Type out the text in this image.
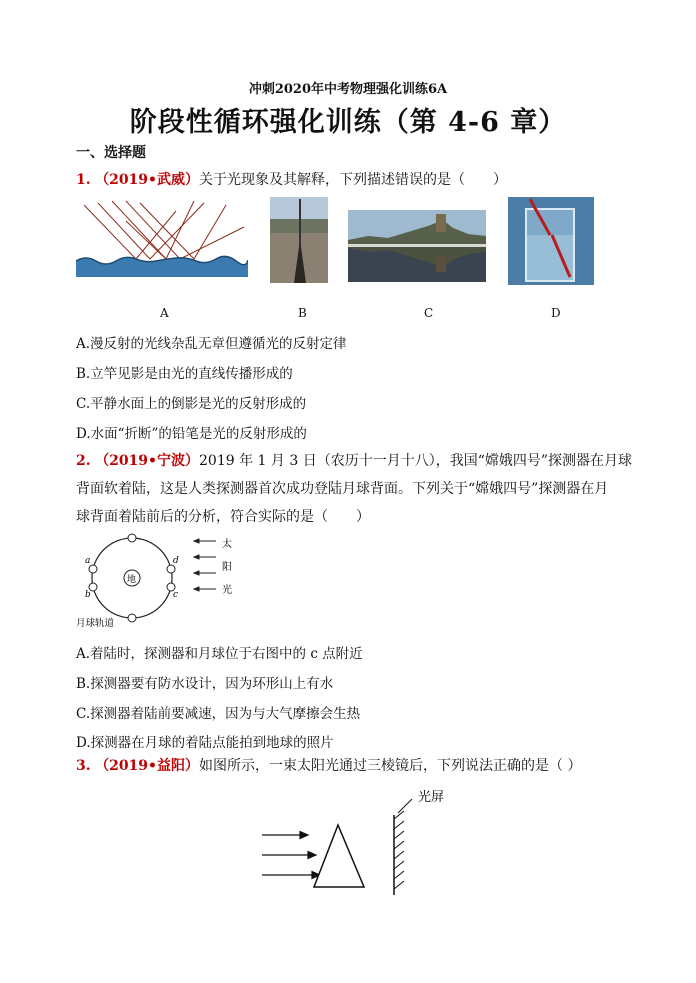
冲刺2020年中考物理强化训练6A
阶段性循环强化训练（第 4-6 章）
一、选择题
1. （2019•武威）关于光现象及其解释，下列描述错误的是（　　）
A	B	C	D
A.漫反射的光线杂乱无章但遵循光的反射定律
B.立竿见影是由光的直线传播形成的
C.平静水面上的倒影是光的反射形成的
D.水面“折断”的铅笔是光的反射形成的
2. （2019•宁波）2019 年 1 月 3 日（农历十一月十八），我国“嫦娥四号”探测器在月球
背面软着陆，这是人类探测器首次成功登陆月球背面。下列关于“嫦娥四号”探测器在月
球背面着陆前后的分析，符合实际的是（　　）
地
a
b	c
d
太
阳
光
月球轨道
A.着陆时，探测器和月球位于右图中的 c 点附近
B.探测器要有防水设计，因为环形山上有水
C.探测器着陆前要减速，因为与大气摩擦会生热
D.探测器在月球的着陆点能拍到地球的照片
3. （2019•益阳）如图所示，一束太阳光通过三棱镜后，下列说法正确的是（ ）
光屏
